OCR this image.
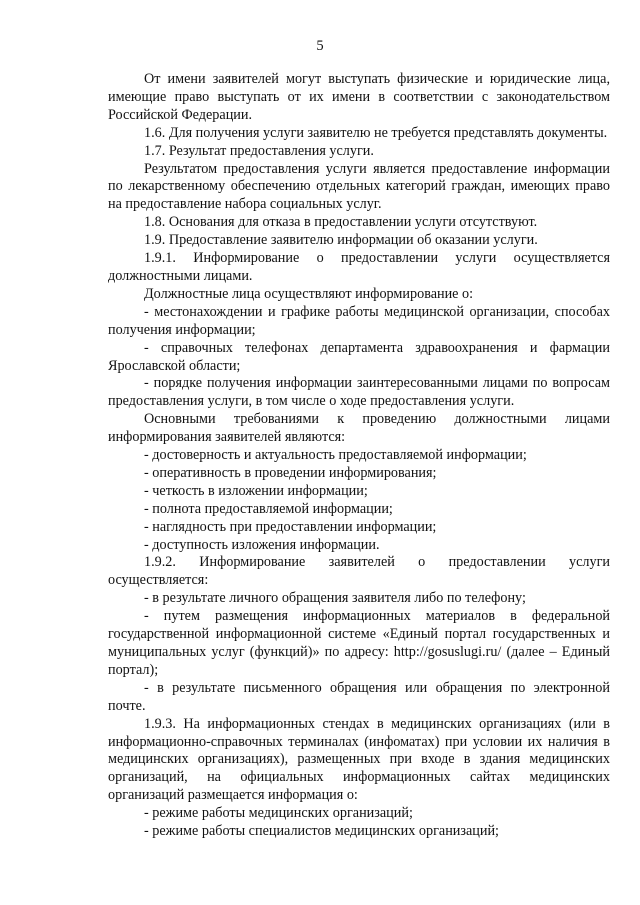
5

От имени заявителей могут выступать физические и юридические лица, имеющие право выступать от их имени в соответствии с законодательством Российской Федерации.

1.6. Для получения услуги заявителю не требуется представлять документы.

1.7. Результат предоставления услуги.

Результатом предоставления услуги является предоставление информации по лекарственному обеспечению отдельных категорий граждан, имеющих право на предоставление набора социальных услуг.

1.8. Основания для отказа в предоставлении услуги отсутствуют.

1.9. Предоставление заявителю информации об оказании услуги.

1.9.1. Информирование о предоставлении услуги осуществляется должностными лицами.

Должностные лица осуществляют информирование о:

- местонахождении и графике работы медицинской организации, способах получения информации;

- справочных телефонах департамента здравоохранения и фармации Ярославской области;

- порядке получения информации заинтересованными лицами по вопросам предоставления услуги, в том числе о ходе предоставления услуги.

Основными требованиями к проведению должностными лицами информирования заявителей являются:

- достоверность и актуальность предоставляемой информации;

- оперативность в проведении информирования;

- четкость в изложении информации;

- полнота предоставляемой информации;

- наглядность при предоставлении информации;

- доступность изложения информации.

1.9.2. Информирование заявителей о предоставлении услуги осуществляется:

- в результате личного обращения заявителя либо по телефону;

- путем размещения информационных материалов в федеральной государственной информационной системе «Единый портал государственных и муниципальных услуг (функций)» по адресу: http://gosuslugi.ru/ (далее – Единый портал);

- в результате письменного обращения или обращения по электронной почте.

1.9.3. На информационных стендах в медицинских организациях (или в информационно-справочных терминалах (инфоматах) при условии их наличия в медицинских организациях), размещенных при входе в здания медицинских организаций, на официальных информационных сайтах медицинских организаций размещается информация о:

- режиме работы медицинских организаций;

- режиме работы специалистов медицинских организаций;
